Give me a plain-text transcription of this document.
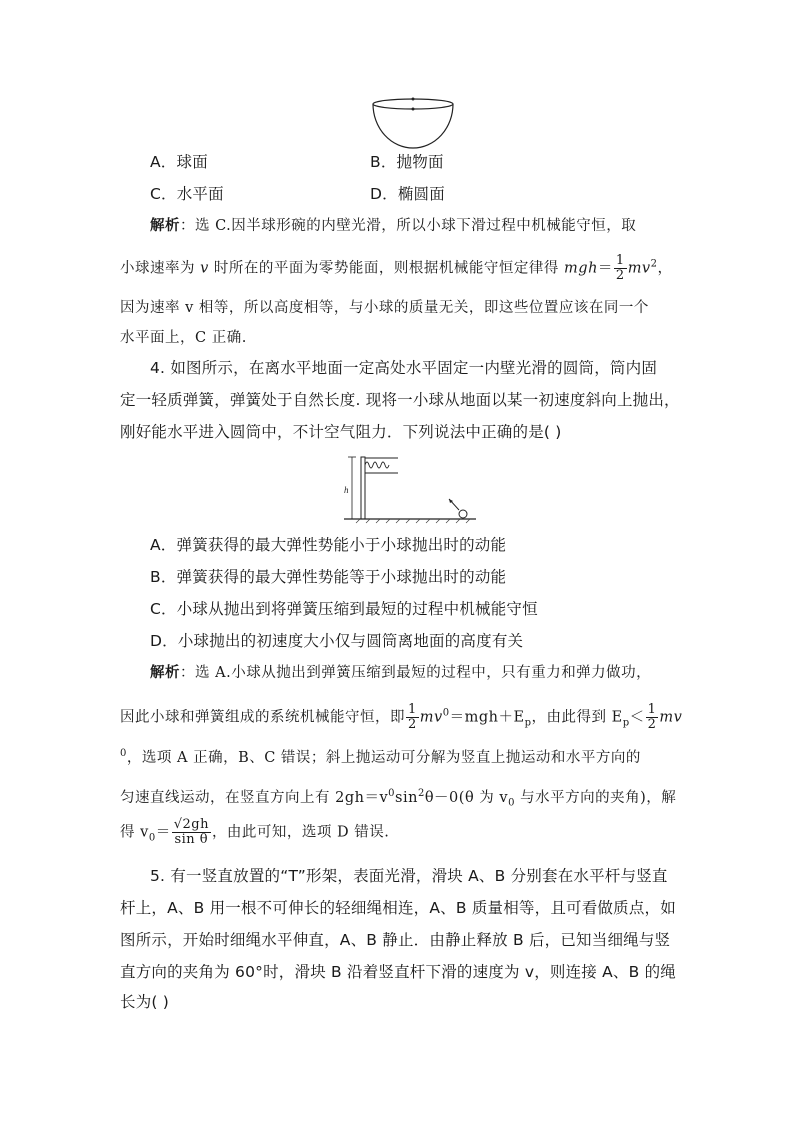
A．球面	B．抛物面
C．水平面	D．椭圆面
解析：选 C.因半球形碗的内壁光滑，所以小球下滑过程中机械能守恒，取
小球速率为 v 时所在的平面为零势能面，则根据机械能守恒定律得 $mgh= \frac{1}{2} mv^2$，
因为速率 v 相等，所以高度相等，与小球的质量无关，即这些位置应该在同一个
水平面上，C 正确.
4. 如图所示，在离水平地面一定高处水平固定一内壁光滑的圆筒，筒内固
定一轻质弹簧，弹簧处于自然长度. 现将一小球从地面以某一初速度斜向上抛出，
刚好能水平进入圆筒中，不计空气阻力．下列说法中正确的是( )
h
A．弹簧获得的最大弹性势能小于小球抛出时的动能
B．弹簧获得的最大弹性势能等于小球抛出时的动能
C．小球从抛出到将弹簧压缩到最短的过程中机械能守恒
D．小球抛出的初速度大小仅与圆筒离地面的高度有关
解析：选 A.小球从抛出到弹簧压缩到最短的过程中，只有重力和弹力做功，
因此小球和弹簧组成的系统机械能守恒，即 $\frac{1}{2} mv^0=mgh+E_p$，由此得到 $E_p< \frac{1}{2}$ mv
$^0$，选项 A 正确，B、C 错误；斜上抛运动可分解为竖直上抛运动和水平方向的
匀速直线运动，在竖直方向上有 $2gh=v^0\sin^2\theta-0(\theta$ 为 $v_0$ 与水平方向的夹角)，解
得 $v_0= \frac{√2gh}{\text{sin θ}}$ ，由此可知，选项 D 错误.
5. 有一竖直放置的“T”形架，表面光滑，滑块 A、B 分别套在水平杆与竖直
杆上，A、B 用一根不可伸长的轻细绳相连，A、B 质量相等，且可看做质点，如
图所示，开始时细绳水平伸直，A、B 静止．由静止释放 B 后，已知当细绳与竖
直方向的夹角为 60°时，滑块 B 沿着竖直杆下滑的速度为 v，则连接 A、B 的绳
长为( )
